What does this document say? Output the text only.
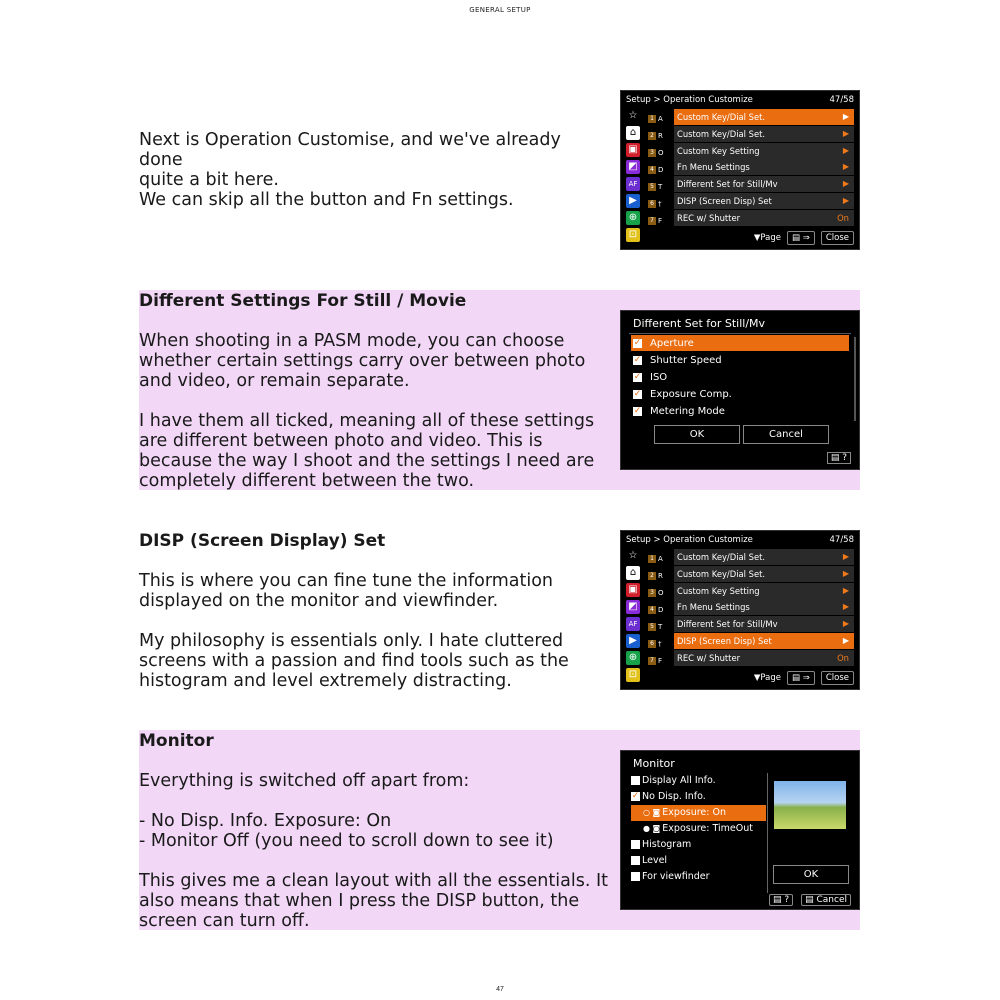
GENERAL SETUP
Next is Operation Customise, and we've already done
quite a bit here.
We can skip all the button and Fn settings.
Setup > Operation Customize	47/58
☆
⌂
▣
◩
AF
▶
⊕
⊡
1 A
2 R
3 O
4 D
5 T
6 †
7 F
Custom Key/Dial Set.	▶
Custom Key/Dial Set.	▶
Custom Key Setting	▶
Fn Menu Settings	▶
Different Set for Still/Mv	▶
DISP (Screen Disp) Set	▶
REC w/ Shutter	On
▼Page	▤ ⇒	Close
Different Settings For Still / Movie
When shooting in a PASM mode, you can choose
whether certain settings carry over between photo
and video, or remain separate.
I have them all ticked, meaning all of these settings
are different between photo and video. This is
because the way I shoot and the settings I need are
completely different between the two.
Different Set for Still/Mv
✓ Aperture
✓ Shutter Speed
✓ ISO
✓ Exposure Comp.
✓ Metering Mode
OK	Cancel
▤ ?
DISP (Screen Display) Set
This is where you can fine tune the information
displayed on the monitor and viewfinder.
My philosophy is essentials only. I hate cluttered
screens with a passion and find tools such as the
histogram and level extremely distracting.
Setup > Operation Customize	47/58
☆
⌂
▣
◩
AF
▶
⊕
⊡
1 A
2 R
3 O
4 D
5 T
6 †
7 F
Custom Key/Dial Set.	▶
Custom Key/Dial Set.	▶
Custom Key Setting	▶
Fn Menu Settings	▶
Different Set for Still/Mv	▶
DISP (Screen Disp) Set	▶
REC w/ Shutter	On
▼Page	▤ ⇒	Close
Monitor
Everything is switched off apart from:
- No Disp. Info. Exposure: On
- Monitor Off (you need to scroll down to see it)
This gives me a clean layout with all the essentials. It
also means that when I press the DISP button, the
screen can turn off.
Monitor
Display All Info.
✓ No Disp. Info.
○ ◙ Exposure: On
● ◙ Exposure: TimeOut
Histogram
Level
For viewfinder	OK
▤ ?	▤ Cancel
47
